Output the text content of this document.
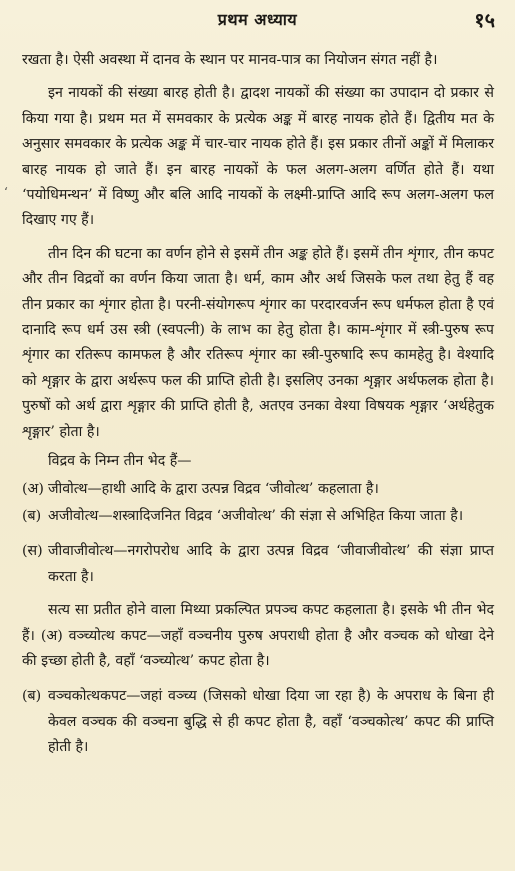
प्रथम अध्याय	१५
‘

रखता है। ऐसी अवस्था में दानव के स्थान पर मानव-पात्र का नियोजन संगत नहीं है।

इन नायकों की संख्या बारह होती है। द्वादश नायकों की संख्या का उपादान दो प्रकार से किया गया है। प्रथम मत में समवकार के प्रत्येक अङ्क में बारह नायक होते हैं। द्वितीय मत के अनुसार समवकार के प्रत्येक अङ्क में चार-चार नायक होते हैं। इस प्रकार तीनों अङ्कों में मिलाकर बारह नायक हो जाते हैं। इन बारह नायकों के फल अलग-अलग वर्णित होते हैं। यथा ‘पयोधिमन्थन’ में विष्णु और बलि आदि नायकों के लक्ष्मी-प्राप्ति आदि रूप अलग-अलग फल दिखाए गए हैं।

तीन दिन की घटना का वर्णन होने से इसमें तीन अङ्क होते हैं। इसमें तीन शृंगार, तीन कपट और तीन विद्रवों का वर्णन किया जाता है। धर्म, काम और अर्थ जिसके फल तथा हेतु हैं वह तीन प्रकार का शृंगार होता है। परनी-संयोगरूप शृंगार का परदारवर्जन रूप धर्मफल होता है एवं दानादि रूप धर्म उस स्त्री (स्वपत्नी) के लाभ का हेतु होता है। काम-शृंगार में स्त्री-पुरुष रूप शृंगार का रतिरूप कामफल है और रतिरूप शृंगार का स्त्री-पुरुषादि रूप कामहेतु है। वेश्यादि को शृङ्गार के द्वारा अर्थरूप फल की प्राप्ति होती है। इसलिए उनका शृङ्गार अर्थफलक होता है। पुरुषों को अर्थ द्वारा शृङ्गार की प्राप्ति होती है, अतएव उनका वेश्या विषयक शृङ्गार ‘अर्थहेतुक शृङ्गार’ होता है।

विद्रव के निम्न तीन भेद हैं—

(अ) जीवोत्थ—हाथी आदि के द्वारा उत्पन्न विद्रव ‘जीवोत्थ’ कहलाता है।
(ब) अजीवोत्थ—शस्त्रादिजनित विद्रव ‘अजीवोत्थ’ की संज्ञा से अभिहित किया जाता है।
(स) जीवाजीवोत्थ—नगरोपरोध आदि के द्वारा उत्पन्न विद्रव ‘जीवाजीवोत्थ’ की संज्ञा प्राप्त करता है।

सत्य सा प्रतीत होने वाला मिथ्या प्रकल्पित प्रपञ्च कपट कहलाता है। इसके भी तीन भेद हैं। (अ) वञ्च्योत्थ कपट—जहाँ वञ्चनीय पुरुष अपराधी होता है और वञ्चक को धोखा देने की इच्छा होती है, वहाँ ‘वञ्च्योत्थ’ कपट होता है।

(ब) वञ्चकोत्थकपट—जहां वञ्च्य (जिसको धोखा दिया जा रहा है) के अपराध के बिना ही केवल वञ्चक की वञ्चना बुद्धि से ही कपट होता है, वहाँ ‘वञ्चकोत्थ’ कपट की प्राप्ति होती है।
